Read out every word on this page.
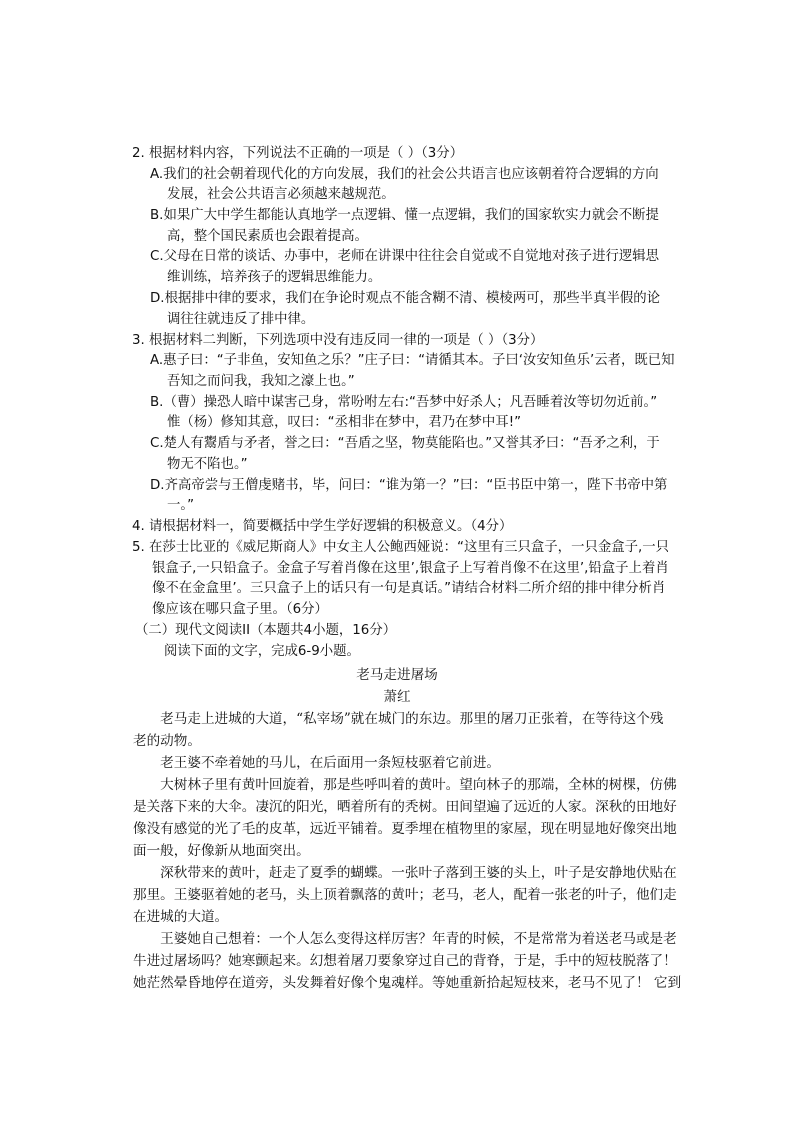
2. 根据材料内容，下列说法不正确的一项是（ ）（3分）
A.我们的社会朝着现代化的方向发展，我们的社会公共语言也应该朝着符合逻辑的方向
发展，社会公共语言必须越来越规范。
B.如果广大中学生都能认真地学一点逻辑、懂一点逻辑，我们的国家软实力就会不断提
高，整个国民素质也会跟着提高。
C.父母在日常的谈话、办事中，老师在讲课中往往会自觉或不自觉地对孩子进行逻辑思
维训练，培养孩子的逻辑思维能力。
D.根据排中律的要求，我们在争论时观点不能含糊不清、模棱两可，那些半真半假的论
调往往就违反了排中律。
3. 根据材料二判断，下列选项中没有违反同一律的一项是（ ）（3分）
A.惠子曰：“子非鱼，安知鱼之乐？”庄子曰：“请循其本。子曰‘汝安知鱼乐’云者，既已知
吾知之而问我，我知之濠上也。”
B.（曹）操恐人暗中谋害己身，常吩咐左右:“吾梦中好杀人；凡吾睡着汝等切勿近前。”
惟（杨）修知其意，叹曰：“丞相非在梦中，君乃在梦中耳!”
C.楚人有鬻盾与矛者，誉之曰：“吾盾之坚，物莫能陷也。”又誉其矛曰：“吾矛之利，于
物无不陷也。”
D.齐高帝尝与王僧虔赌书，毕，问曰：“谁为第一？”曰：“臣书臣中第一，陛下书帝中第
一。”
4. 请根据材料一，简要概括中学生学好逻辑的积极意义。（4分）
5. 在莎士比亚的《威尼斯商人》中女主人公鲍西娅说：“这里有三只盒子，一只金盒子,一只
银盒子,一只铅盒子。金盒子写着肖像在这里’,银盒子上写着肖像不在这里’,铅盒子上着肖
像不在金盒里’。三只盒子上的话只有一句是真话。”请结合材料二所介绍的排中律分析肖
像应该在哪只盒子里。（6分）
（二）现代文阅读II（本题共4小题，16分）
阅读下面的文字，完成6-9小题。
老马走进屠场
萧红
　　老马走上进城的大道，“私宰场”就在城门的东边。那里的屠刀正张着，在等待这个残
老的动物。
　　老王婆不牵着她的马儿，在后面用一条短枝驱着它前进。
　　大树林子里有黄叶回旋着，那是些呼叫着的黄叶。望向林子的那端，全林的树棵，仿佛
是关落下来的大伞。凄沉的阳光，晒着所有的秃树。田间望遍了远近的人家。深秋的田地好
像没有感觉的光了毛的皮革，远近平铺着。夏季埋在植物里的家屋，现在明显地好像突出地
面一般，好像新从地面突出。
　　深秋带来的黄叶，赶走了夏季的蝴蝶。一张叶子落到王婆的头上，叶子是安静地伏贴在
那里。王婆驱着她的老马，头上顶着飘落的黄叶；老马，老人，配着一张老的叶子，他们走
在进城的大道。
　　王婆她自己想着：一个人怎么变得这样厉害？年青的时候，不是常常为着送老马或是老
牛进过屠场吗？她寒颤起来。幻想着屠刀要象穿过自己的背脊，于是，手中的短枝脱落了！
她茫然晕昏地停在道旁，头发舞着好像个鬼魂样。等她重新拾起短枝来，老马不见了！ 它到
